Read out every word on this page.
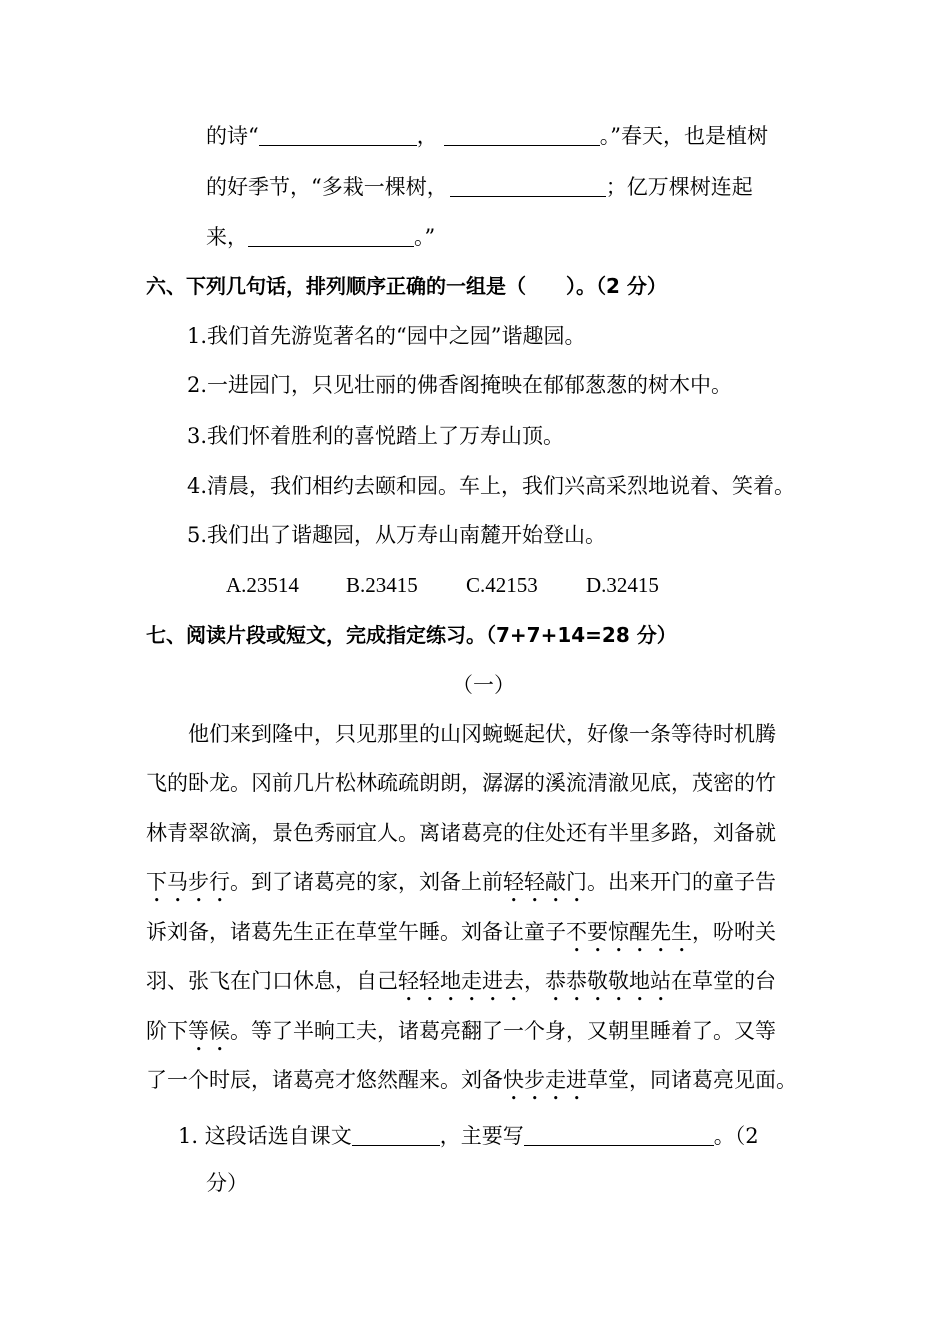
的诗“	，	。”春天，也是植树
的好季节，“多栽一棵树，	；亿万棵树连起
来，	。”
六、下列几句话，排列顺序正确的一组是（　　）。（2 分）
1.我们首先游览著名的“园中之园”谐趣园。
2.一进园门，只见壮丽的佛香阁掩映在郁郁葱葱的树木中。
3.我们怀着胜利的喜悦踏上了万寿山顶。
4.清晨，我们相约去颐和园。车上，我们兴高采烈地说着、笑着。
5.我们出了谐趣园，从万寿山南麓开始登山。
A.23514 B.23415 C.42153 D.32415
七、阅读片段或短文，完成指定练习。（7+7+14=28 分）
（一）
他们来到隆中，只见那里的山冈蜿蜒起伏，好像一条等待时机腾
飞的卧龙。冈前几片松林疏疏朗朗，潺潺的溪流清澈见底，茂密的竹
林青翠欲滴，景色秀丽宜人。离诸葛亮的住处还有半里多路，刘备就
下马步行。到了诸葛亮的家，刘备上前轻轻敲门。出来开门的童子告
诉刘备，诸葛先生正在草堂午睡。刘备让童子不要惊醒先生，吩咐关
羽、张飞在门口休息，自己轻轻地走进去，恭恭敬敬地站在草堂的台
阶下等候。等了半晌工夫，诸葛亮翻了一个身，又朝里睡着了。又等
了一个时辰，诸葛亮才悠然醒来。刘备快步走进草堂，同诸葛亮见面。
1. 这段话选自课文	，主要写	。（2
分）
